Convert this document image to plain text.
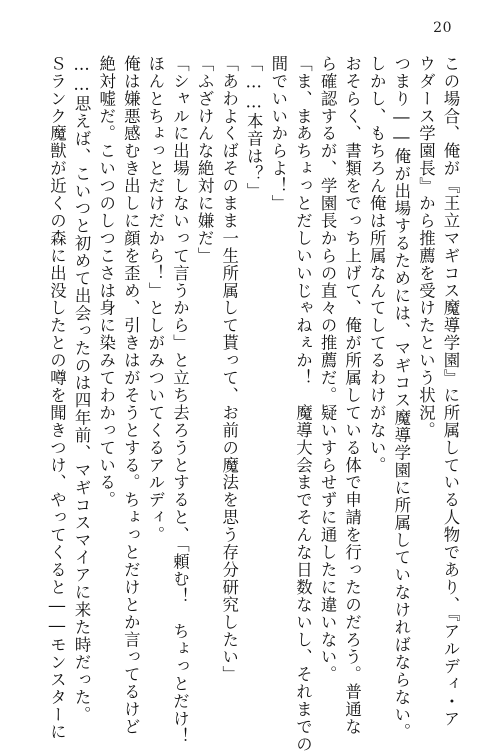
20

この場合、俺が『王立マギコス魔導学園』に所属している人物であり、『アルディ・ア

ウダース学園長』から推薦を受けたという状況。

つまり――俺が出場するためには、マギコス魔導学園に所属していなければならない。

しかし、もちろん俺は所属なんてしてるわけがない。

おそらく、書類をでっち上げて、俺が所属している体で申請を行ったのだろう。普通な

ら確認するが、学園長からの直々の推薦だ。疑いすらせずに通したに違いない。

「ま、まあちょっとだしいいじゃねぇか！　魔導大会までそんな日数ないし、それまでの

間でいいからよ！」

「……本音は？」

「あわよくばそのまま一生所属して貰って、お前の魔法を思う存分研究したい」

「ふざけんな絶対に嫌だ」

「シャルに出場しないって言うから」と立ち去ろうとすると、「頼む！　ちょっとだけ！

ほんとちょっとだけだから！」としがみついてくるアルディ。

俺は嫌悪感むき出しに顔を歪め、引きはがそうとする。ちょっとだけとか言ってるけど

絶対嘘だ。こいつのしつこさは身に染みてわかっている。

……思えば、こいつと初めて出会ったのは四年前、マギコスマイアに来た時だった。

Ｓランク魔獣が近くの森に出没したとの噂を聞きつけ、やってくると――モンスターに
